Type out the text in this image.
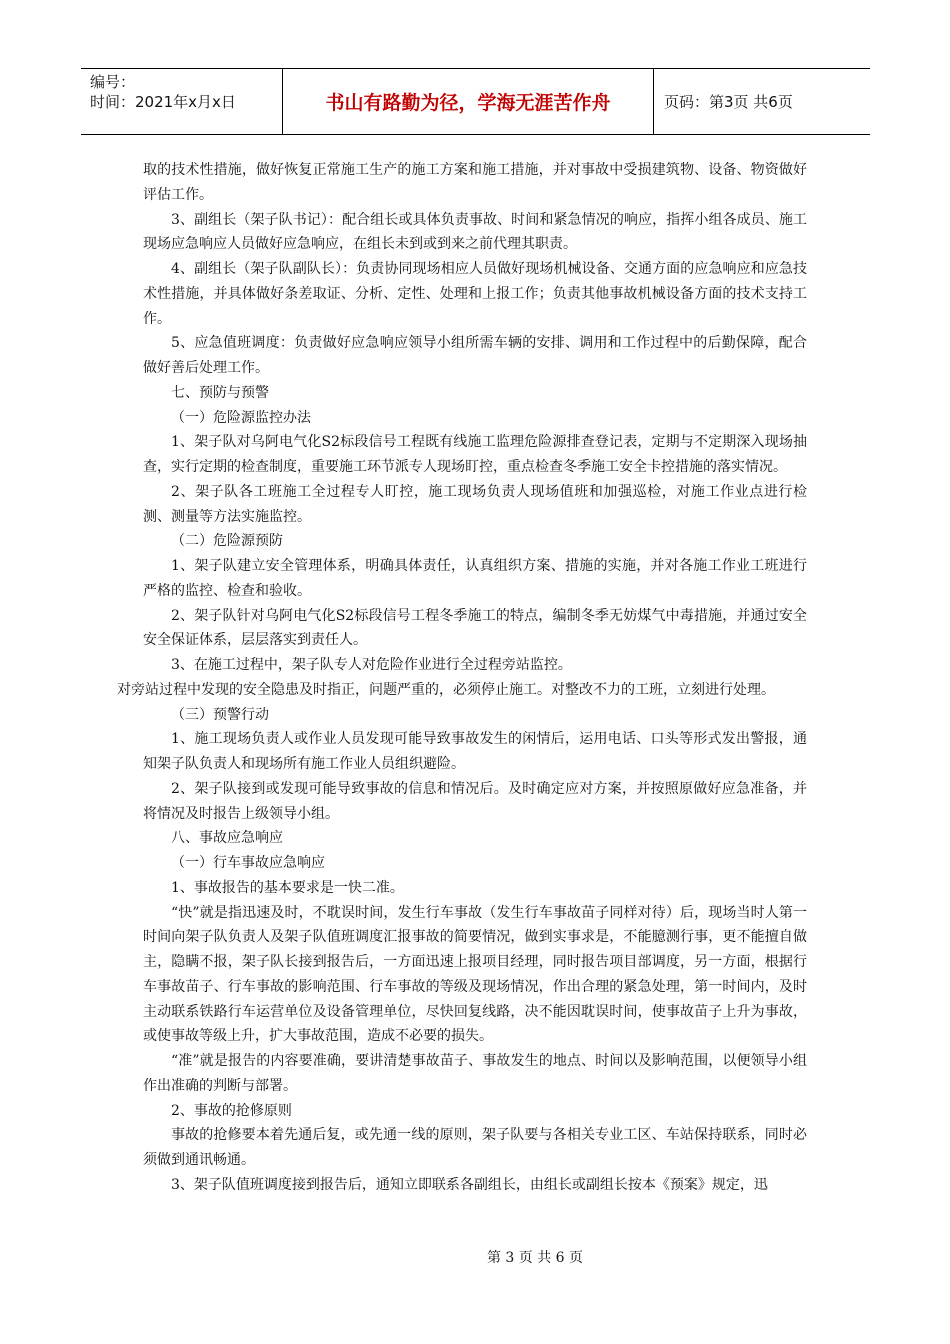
编号：
时间：2021年x月x日	书山有路勤为径，学海无涯苦作舟	页码：第3页 共6页

取的技术性措施，做好恢复正常施工生产的施工方案和施工措施，并对事故中受损建筑物、设备、物资做好评估工作。

3、副组长（架子队书记）：配合组长或具体负责事故、时间和紧急情况的响应，指挥小组各成员、施工现场应急响应人员做好应急响应，在组长未到或到来之前代理其职责。

4、副组长（架子队副队长）：负责协同现场相应人员做好现场机械设备、交通方面的应急响应和应急技术性措施，并具体做好条差取证、分析、定性、处理和上报工作；负责其他事故机械设备方面的技术支持工作。

5、应急值班调度：负责做好应急响应领导小组所需车辆的安排、调用和工作过程中的后勤保障，配合做好善后处理工作。

七、预防与预警

（一）危险源监控办法

1、架子队对乌阿电气化S2标段信号工程既有线施工监理危险源排查登记表，定期与不定期深入现场抽查，实行定期的检查制度，重要施工环节派专人现场盯控，重点检查冬季施工安全卡控措施的落实情况。

2、架子队各工班施工全过程专人盯控，施工现场负责人现场值班和加强巡检，对施工作业点进行检测、测量等方法实施监控。

（二）危险源预防

1、架子队建立安全管理体系，明确具体责任，认真组织方案、措施的实施，并对各施工作业工班进行严格的监控、检查和验收。

2、架子队针对乌阿电气化S2标段信号工程冬季施工的特点，编制冬季无妨煤气中毒措施，并通过安全安全保证体系，层层落实到责任人。

3、在施工过程中，架子队专人对危险作业进行全过程旁站监控。

对旁站过程中发现的安全隐患及时指正，问题严重的，必须停止施工。对整改不力的工班，立刻进行处理。

（三）预警行动

1、施工现场负责人或作业人员发现可能导致事故发生的闲情后，运用电话、口头等形式发出警报，通知架子队负责人和现场所有施工作业人员组织避险。

2、架子队接到或发现可能导致事故的信息和情况后。及时确定应对方案，并按照原做好应急准备，并将情况及时报告上级领导小组。

八、事故应急响应

（一）行车事故应急响应

1、事故报告的基本要求是一快二准。

“快”就是指迅速及时，不耽误时间，发生行车事故（发生行车事故苗子同样对待）后，现场当时人第一时间向架子队负责人及架子队值班调度汇报事故的简要情况，做到实事求是，不能臆测行事，更不能擅自做主，隐瞒不报，架子队长接到报告后，一方面迅速上报项目经理，同时报告项目部调度，另一方面，根据行车事故苗子、行车事故的影响范围、行车事故的等级及现场情况，作出合理的紧急处理，第一时间内，及时主动联系铁路行车运营单位及设备管理单位，尽快回复线路，决不能因耽误时间，使事故苗子上升为事故，或使事故等级上升，扩大事故范围，造成不必要的损失。

“准”就是报告的内容要准确，要讲清楚事故苗子、事故发生的地点、时间以及影响范围，以便领导小组作出准确的判断与部署。

2、事故的抢修原则

事故的抢修要本着先通后复，或先通一线的原则，架子队要与各相关专业工区、车站保持联系，同时必须做到通讯畅通。

3、架子队值班调度接到报告后，通知立即联系各副组长，由组长或副组长按本《预案》规定，迅

第 3 页 共 6 页
